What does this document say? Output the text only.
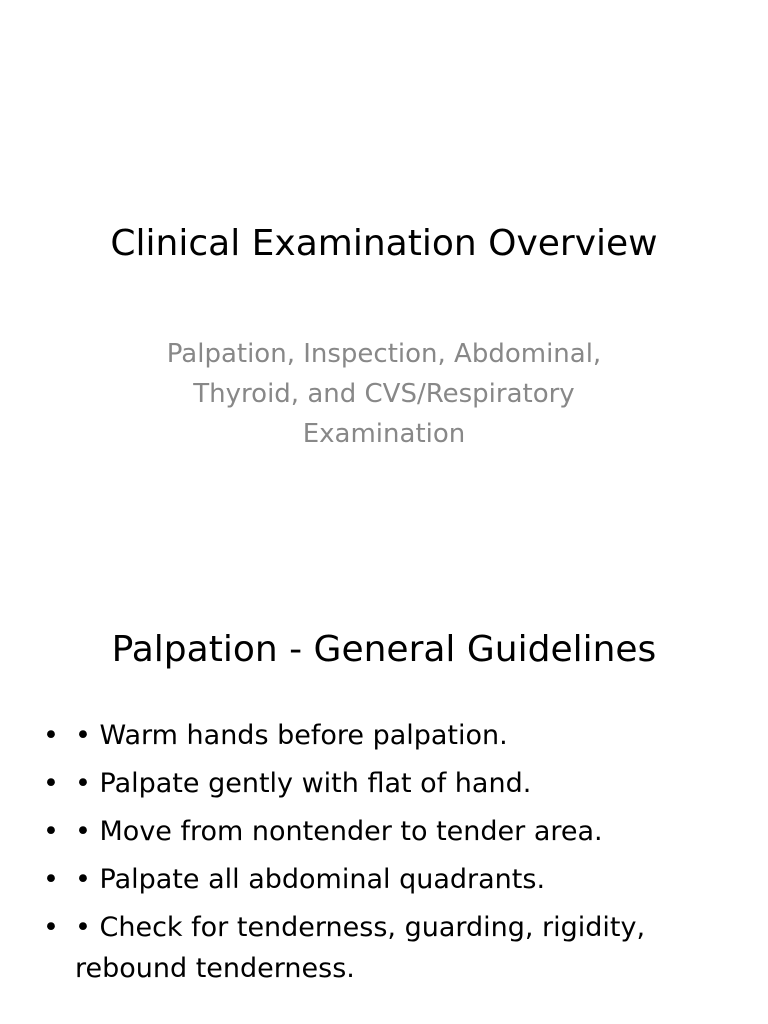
Clinical Examination Overview

Palpation, Inspection, Abdominal, Thyroid, and CVS/Respiratory Examination

Palpation - General Guidelines
• • Warm hands before palpation.
• • Palpate gently with flat of hand.
• • Move from nontender to tender area.
• • Palpate all abdominal quadrants.
• • Check for tenderness, guarding, rigidity, rebound tenderness.
